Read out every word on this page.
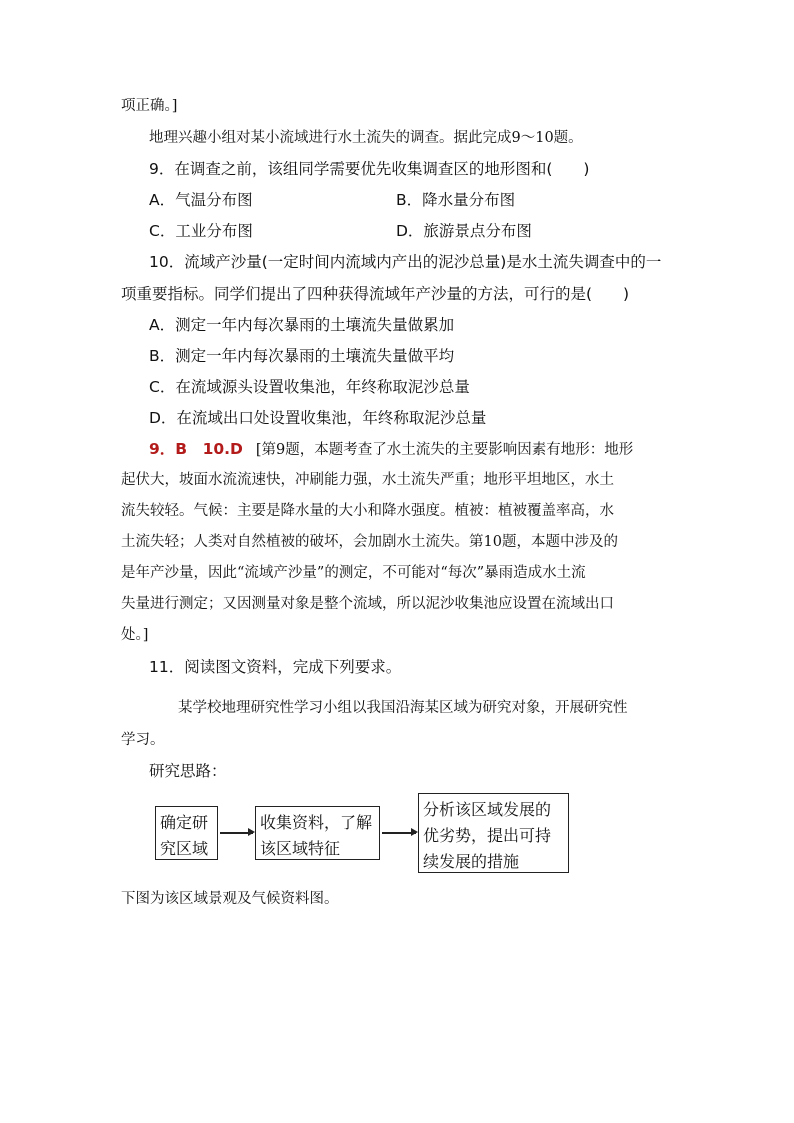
项正确。]
地理兴趣小组对某小流域进行水土流失的调查。据此完成9～10题。
9．在调查之前，该组同学需要优先收集调查区的地形图和(　　)
A．气温分布图	B．降水量分布图
C．工业分布图	D．旅游景点分布图
10．流域产沙量(一定时间内流域内产出的泥沙总量)是水土流失调查中的一
项重要指标。同学们提出了四种获得流域年产沙量的方法，可行的是(　　)
A．测定一年内每次暴雨的土壤流失量做累加
B．测定一年内每次暴雨的土壤流失量做平均
C．在流域源头设置收集池，年终称取泥沙总量
D．在流域出口处设置收集池，年终称取泥沙总量
9．B　10.D [第9题，本题考查了水土流失的主要影响因素有地形：地形
起伏大，坡面水流流速快，冲刷能力强，水土流失严重；地形平坦地区，水土
流失较轻。气候：主要是降水量的大小和降水强度。植被：植被覆盖率高，水
土流失轻；人类对自然植被的破坏，会加剧水土流失。第10题，本题中涉及的
是年产沙量，因此“流域产沙量”的测定，不可能对“每次”暴雨造成水土流
失量进行测定；又因测量对象是整个流域，所以泥沙收集池应设置在流域出口
处。]
11．阅读图文资料，完成下列要求。
某学校地理研究性学习小组以我国沿海某区域为研究对象，开展研究性
学习。
研究思路：
确定研
究区域
收集资料，了解
该区域特征
分析该区域发展的
优劣势，提出可持
续发展的措施
下图为该区域景观及气候资料图。
